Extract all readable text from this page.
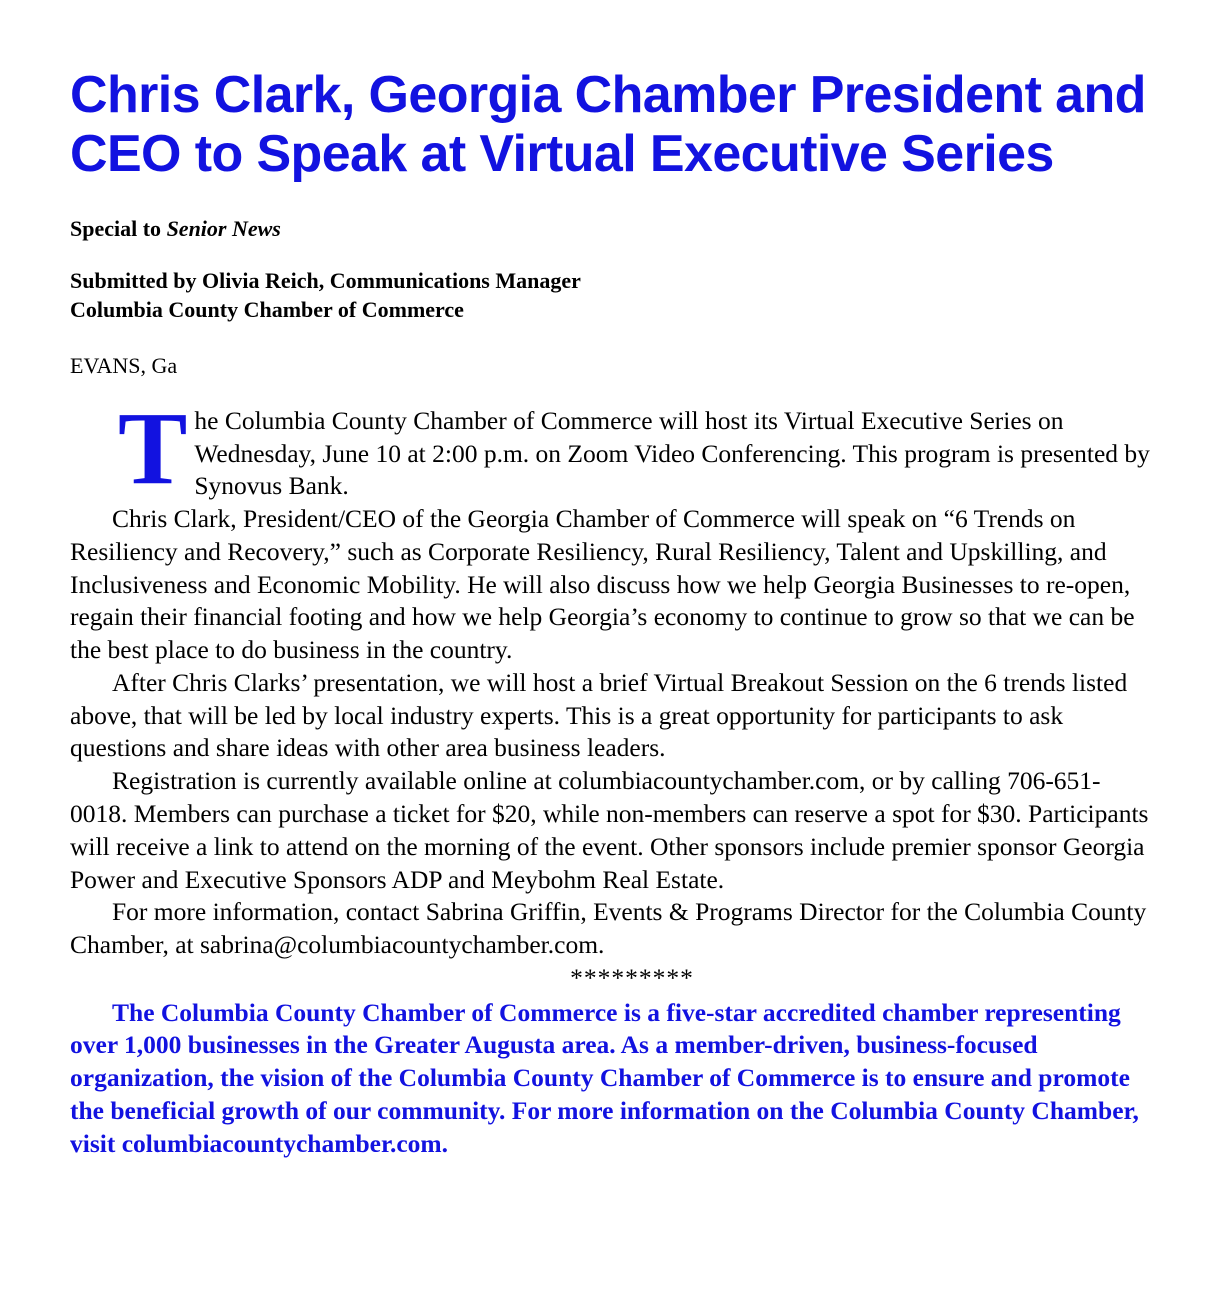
Chris Clark, Georgia Chamber President and CEO to Speak at Virtual Executive Series

Special to Senior News

Submitted by Olivia Reich, Communications Manager
Columbia County Chamber of Commerce

EVANS, Ga

The Columbia County Chamber of Commerce will host its Virtual Executive Series on Wednesday, June 10 at 2:00 p.m. on Zoom Video Conferencing. This program is presented by Synovus Bank.

Chris Clark, President/CEO of the Georgia Chamber of Commerce will speak on “6 Trends on Resiliency and Recovery,” such as Corporate Resiliency, Rural Resiliency, Talent and Upskilling, and Inclusiveness and Economic Mobility. He will also discuss how we help Georgia Businesses to re-open, regain their financial footing and how we help Georgia’s economy to continue to grow so that we can be the best place to do business in the country.

After Chris Clarks’ presentation, we will host a brief Virtual Breakout Session on the 6 trends listed above, that will be led by local industry experts. This is a great opportunity for participants to ask questions and share ideas with other area business leaders.

Registration is currently available online at columbiacountychamber.com, or by calling 706-651-0018. Members can purchase a ticket for $20, while non-members can reserve a spot for $30. Participants will receive a link to attend on the morning of the event. Other sponsors include premier sponsor Georgia Power and Executive Sponsors ADP and Meybohm Real Estate.

For more information, contact Sabrina Griffin, Events & Programs Director for the Columbia County Chamber, at sabrina@columbiacountychamber.com.

*********

The Columbia County Chamber of Commerce is a five-star accredited chamber representing over 1,000 businesses in the Greater Augusta area. As a member-driven, business-focused organization, the vision of the Columbia County Chamber of Commerce is to ensure and promote the beneficial growth of our community. For more information on the Columbia County Chamber, visit columbiacountychamber.com.
